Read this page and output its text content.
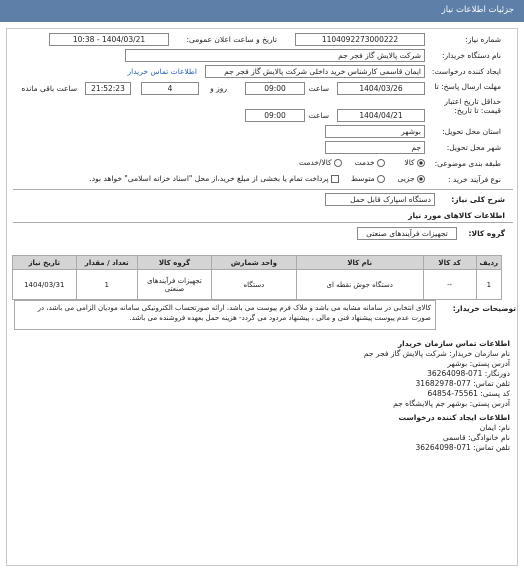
جزئیات اطلاعات نیاز
شماره نیاز:
1104092273000222
تاریخ و ساعت اعلان عمومی:
1404/03/21 - 10:38
نام دستگاه خریدار:
شرکت پالایش گاز فجر جم
ایجاد کننده درخواست:
ایمان قاسمی کارشناس خرید داخلی شرکت پالایش گاز فجر جم
اطلاعات تماس خریدار
مهلت ارسال پاسخ: تا
1404/03/26
ساعت
09:00
4	روز و
21:52:23
ساعت باقی مانده
حداقل تاریخ اعتبار قیمت: تا تاریخ:
1404/04/21
ساعت
09:00
استان محل تحویل:
بوشهر
شهر محل تحویل:
جم
طبقه بندی موضوعی:
کالا
خدمت
کالا/خدمت
نوع فرآیند خرید :
جزیی
متوسط
پرداخت تمام یا بخشی از مبلغ خرید،از محل "اسناد خزانه اسلامی" خواهد بود.
شرح کلی نیاز:
دستگاه اسپارک قابل حمل
اطلاعات کالاهای مورد نیاز
گروه کالا:
تجهیزات فرآیندهای صنعتی
ردیف	کد کالا	نام کالا	واحد شمارش	گروه کالا	تعداد / مقدار	تاریخ نیاز
1	--	دستگاه جوش نقطه ای	دستگاه	تجهیزات فرآیندهای صنعتی	1	1404/03/31
توضیحات خریدار:
کالای انتخابی در سامانه مشابه می باشد و ملاک فرم پیوست می باشد، ارائه صورتحساب الکترونیکی سامانه مودیان الزامی می باشد، در صورت عدم پیوست پیشنهاد فنی و مالی ، پیشنهاد مردود می گردد- هزینه حمل بعهده فروشنده می باشد.
اطلاعات تماس سازمان خریدار
نام سازمان خریدار: شرکت پالایش گاز فجر جم
آدرس پستی: بوشهر
دورنگار: 071-36264098
تلفن تماس: 077-31682978
کد پستی: 75561-64854
آدرس پستی: بوشهر جم پالایشگاه جم
اطلاعات ایجاد کننده درخواست
نام: ایمان
نام خانوادگی: قاسمی
تلفن تماس: 071-36264098
